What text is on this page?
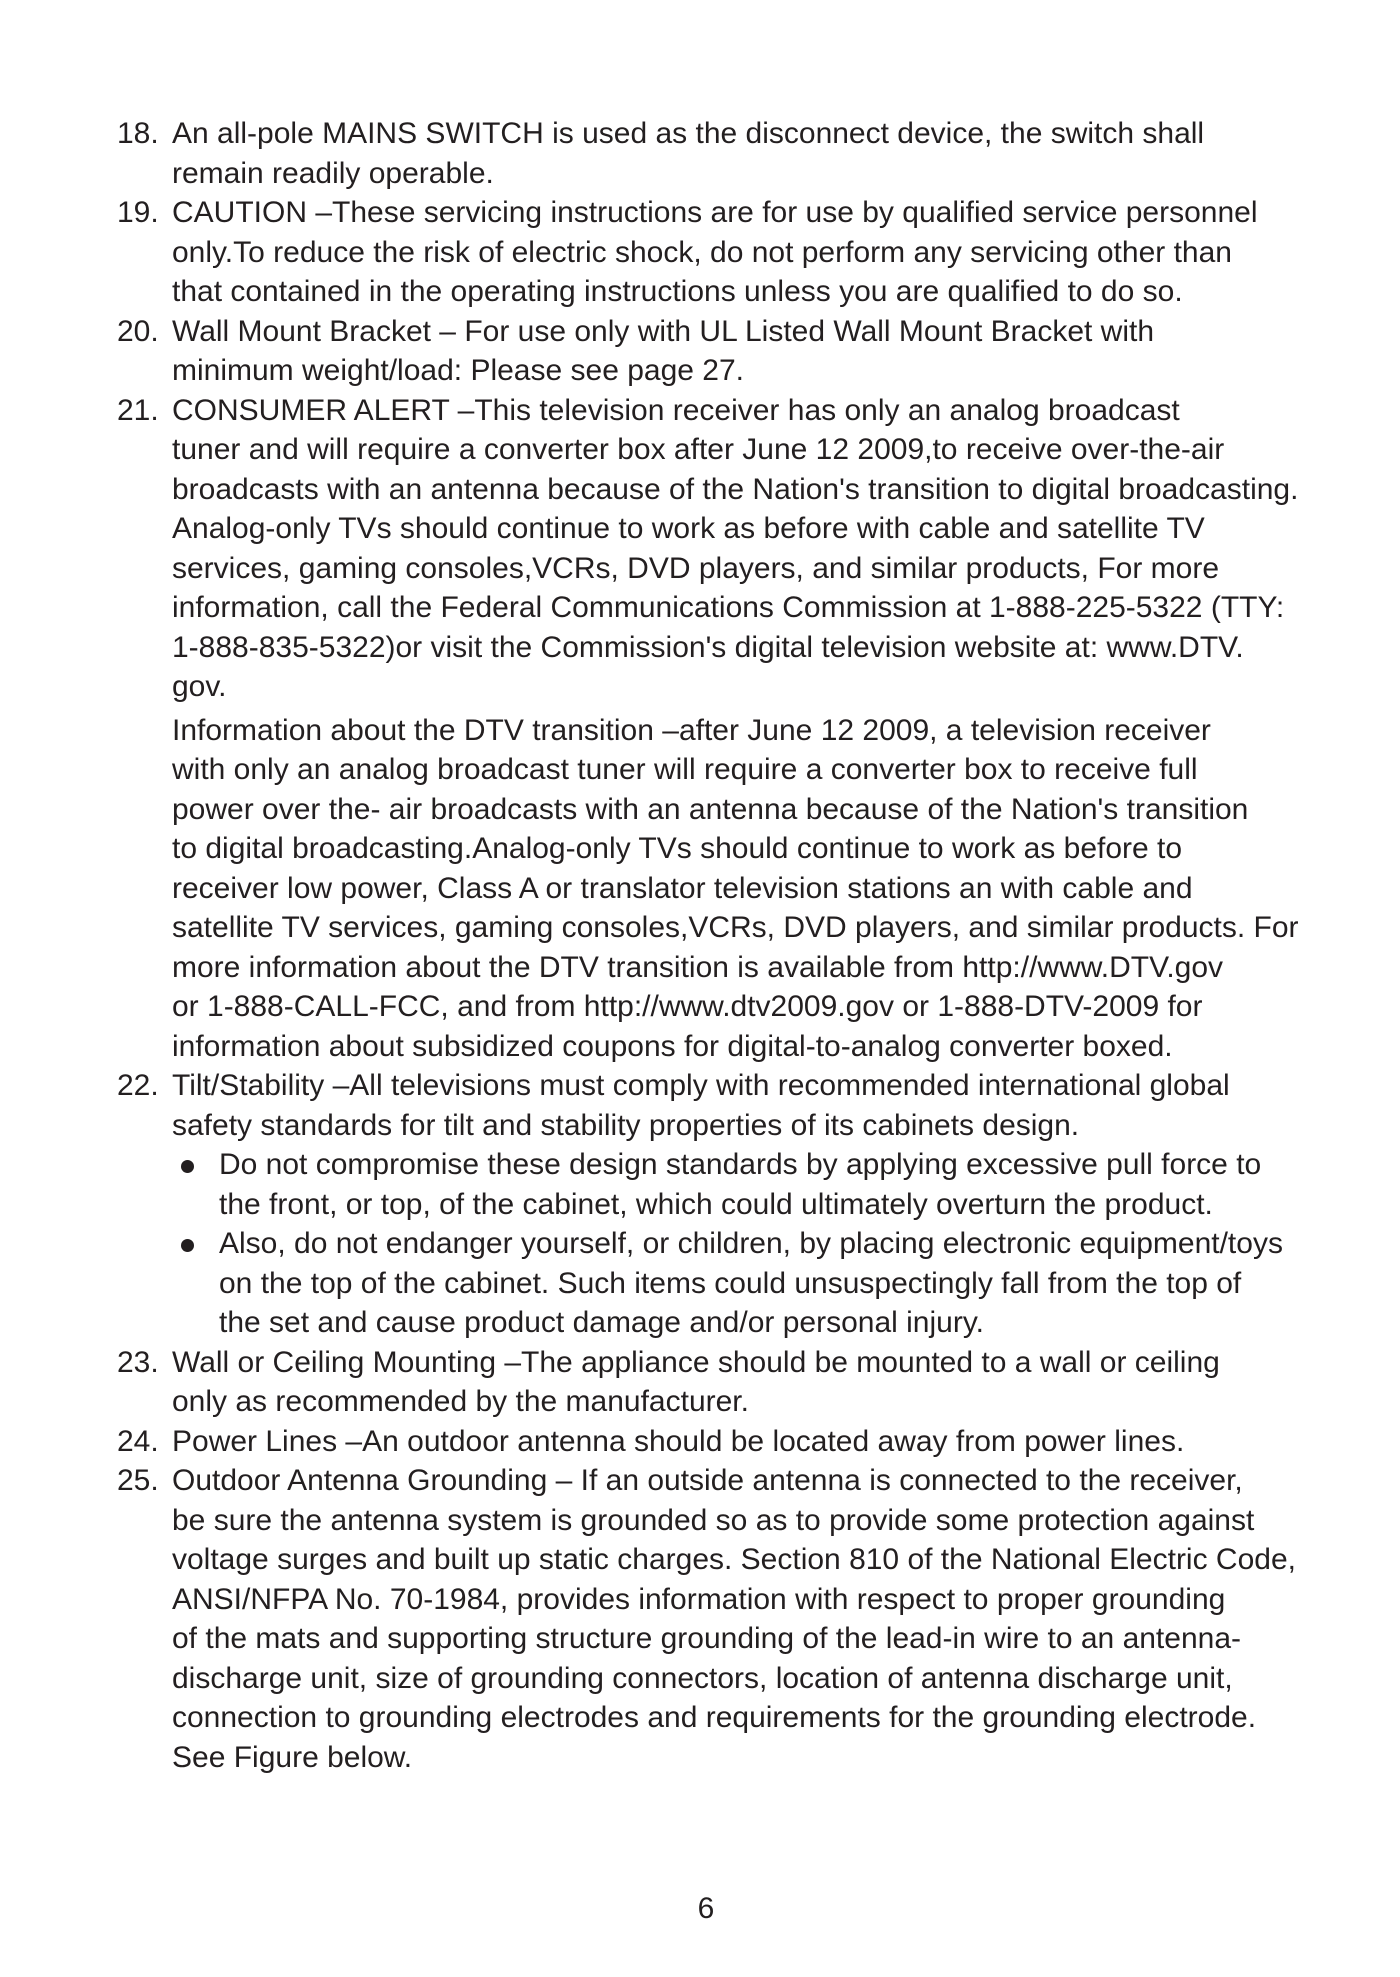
18. An all-pole MAINS SWITCH is used as the disconnect device, the switch shall
remain readily operable.
19. CAUTION –These servicing instructions are for use by qualified service personnel
only.To reduce the risk of electric shock, do not perform any servicing other than
that contained in the operating instructions unless you are qualified to do so.
20. Wall Mount Bracket – For use only with UL Listed Wall Mount Bracket with
minimum weight/load: Please see page 27.
21. CONSUMER ALERT –This television receiver has only an analog broadcast
tuner and will require a converter box after June 12 2009,to receive over-the-air
broadcasts with an antenna because of the Nation's transition to digital broadcasting.
Analog-only TVs should continue to work as before with cable and satellite TV
services, gaming consoles,VCRs, DVD players, and similar products, For more
information, call the Federal Communications Commission at 1-888-225-5322 (TTY:
1-888-835-5322)or visit the Commission's digital television website at: www.DTV.
gov.
Information about the DTV transition –after June 12 2009, a television receiver
with only an analog broadcast tuner will require a converter box to receive full
power over the- air broadcasts with an antenna because of the Nation's transition
to digital broadcasting.Analog-only TVs should continue to work as before to
receiver low power, Class A or translator television stations an with cable and
satellite TV services, gaming consoles,VCRs, DVD players, and similar products. For
more information about the DTV transition is available from http://www.DTV.gov
or 1-888-CALL-FCC, and from http://www.dtv2009.gov or 1-888-DTV-2009 for
information about subsidized coupons for digital-to-analog converter boxed.
22. Tilt/Stability –All televisions must comply with recommended international global
safety standards for tilt and stability properties of its cabinets design.
Do not compromise these design standards by applying excessive pull force to
the front, or top, of the cabinet, which could ultimately overturn the product.
Also, do not endanger yourself, or children, by placing electronic equipment/toys
on the top of the cabinet. Such items could unsuspectingly fall from the top of
the set and cause product damage and/or personal injury.
23. Wall or Ceiling Mounting –The appliance should be mounted to a wall or ceiling
only as recommended by the manufacturer.
24. Power Lines –An outdoor antenna should be located away from power lines.
25. Outdoor Antenna Grounding – If an outside antenna is connected to the receiver,
be sure the antenna system is grounded so as to provide some protection against
voltage surges and built up static charges. Section 810 of the National Electric Code,
ANSI/NFPA No. 70-1984, provides information with respect to proper grounding
of the mats and supporting structure grounding of the lead-in wire to an antenna-
discharge unit, size of grounding connectors, location of antenna discharge unit,
connection to grounding electrodes and requirements for the grounding electrode.
See Figure below.
6
